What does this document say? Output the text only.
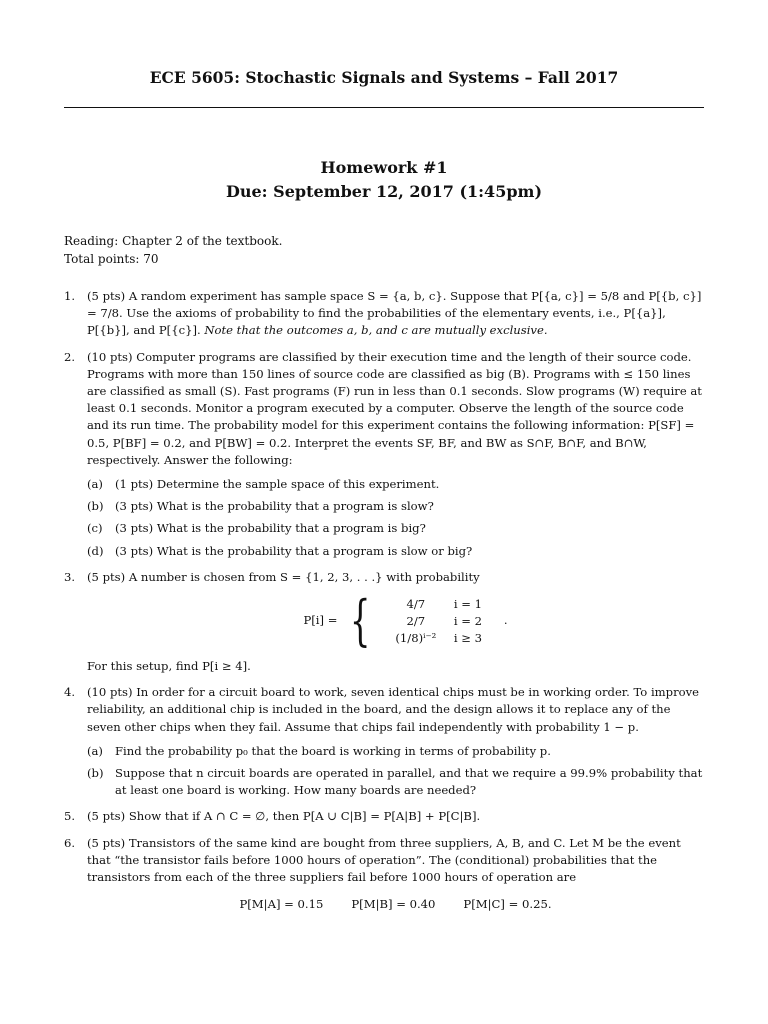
ECE 5605: Stochastic Signals and Systems – Fall 2017
Homework #1
Due: September 12, 2017 (1:45pm)
Reading: Chapter 2 of the textbook.
Total points: 70
1. (5 pts) A random experiment has sample space S = {a, b, c}. Suppose that P[{a, c}] = 5/8 and P[{b, c}] = 7/8. Use the axioms of probability to find the probabilities of the elementary events, i.e., P[{a}], P[{b}], and P[{c}]. Note that the outcomes a, b, and c are mutually exclusive.
2. (10 pts) Computer programs are classified by their execution time and the length of their source code. Programs with more than 150 lines of source code are classified as big (B). Programs with ≤ 150 lines are classified as small (S). Fast programs (F) run in less than 0.1 seconds. Slow programs (W) require at least 0.1 seconds. Monitor a program executed by a computer. Observe the length of the source code and its run time. The probability model for this experiment contains the following information: P[SF] = 0.5, P[BF] = 0.2, and P[BW] = 0.2. Interpret the events SF, BF, and BW as S∩F, B∩F, and B∩W, respectively. Answer the following:
(a) (1 pts) Determine the sample space of this experiment.
(b) (3 pts) What is the probability that a program is slow?
(c) (3 pts) What is the probability that a program is big?
(d) (3 pts) What is the probability that a program is slow or big?
3. (5 pts) A number is chosen from S = {1, 2, 3, . . .} with probability
P[i] = {	4/7	i = 1
2/7	i = 2
(1/8)ⁱ⁻²	i ≥ 3
.
For this setup, find P[i ≥ 4].
4. (10 pts) In order for a circuit board to work, seven identical chips must be in working order. To improve reliability, an additional chip is included in the board, and the design allows it to replace any of the seven other chips when they fail. Assume that chips fail independently with probability 1 − p.
(a) Find the probability p₀ that the board is working in terms of probability p.
(b) Suppose that n circuit boards are operated in parallel, and that we require a 99.9% probability that at least one board is working. How many boards are needed?
5. (5 pts) Show that if A ∩ C = ∅, then P[A ∪ C|B] = P[A|B] + P[C|B].
6. (5 pts) Transistors of the same kind are bought from three suppliers, A, B, and C. Let M be the event that “the transistor fails before 1000 hours of operation”. The (conditional) probabilities that the transistors from each of the three suppliers fail before 1000 hours of operation are
P[M|A] = 0.15 P[M|B] = 0.40 P[M|C] = 0.25.
